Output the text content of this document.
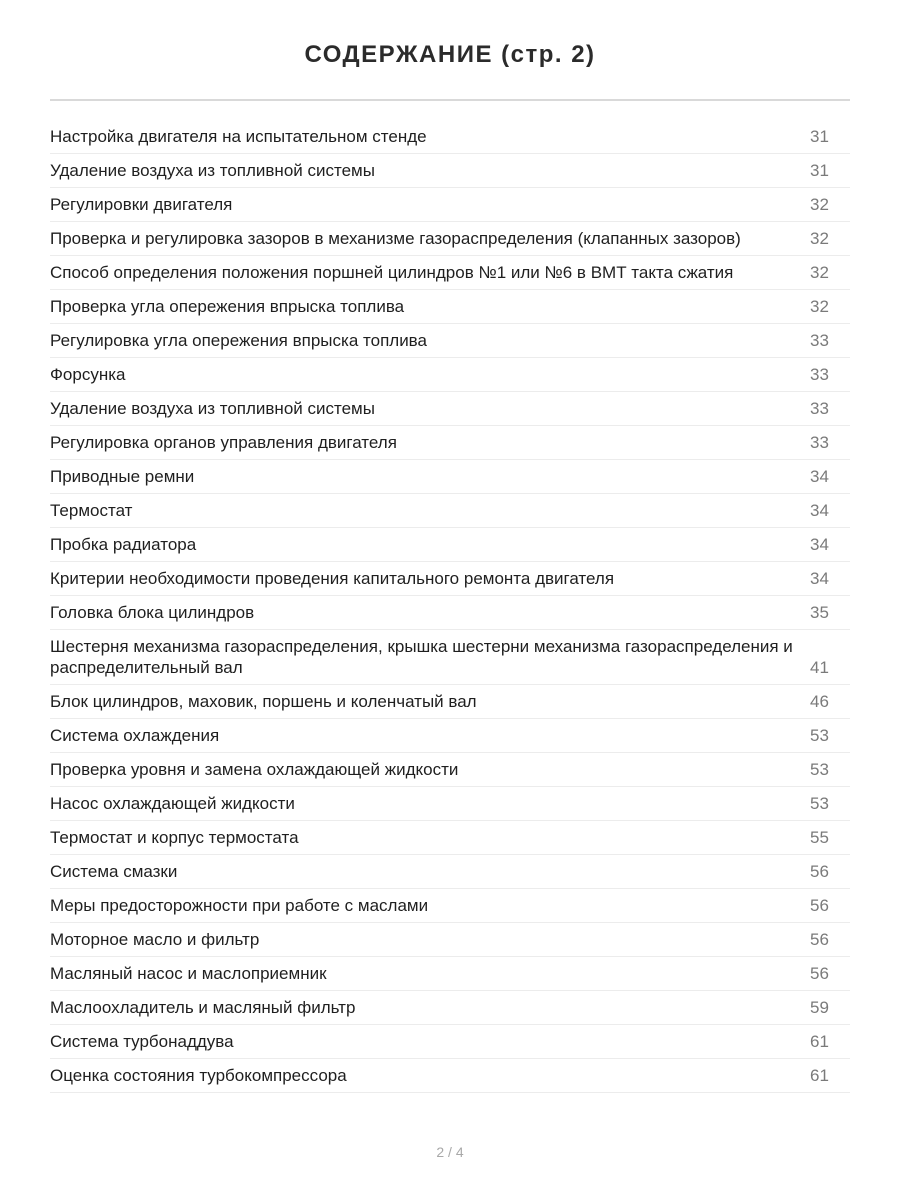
СОДЕРЖАНИЕ (стр. 2)
Настройка двигателя на испытательном стенде	31
Удаление воздуха из топливной системы	31
Регулировки двигателя	32
Проверка и регулировка зазоров в механизме газораспределения (клапанных зазоров)	32
Способ определения положения поршней цилиндров №1 или №6 в ВМТ такта сжатия	32
Проверка угла опережения впрыска топлива	32
Регулировка угла опережения впрыска топлива	33
Форсунка	33
Удаление воздуха из топливной системы	33
Регулировка органов управления двигателя	33
Приводные ремни	34
Термостат	34
Пробка радиатора	34
Критерии необходимости проведения капитального ремонта двигателя	34
Головка блока цилиндров	35
Шестерня механизма газораспределения, крышка шестерни механизма газораспределения и распределительный вал	41
Блок цилиндров, маховик, поршень и коленчатый вал	46
Система охлаждения	53
Проверка уровня и замена охлаждающей жидкости	53
Насос охлаждающей жидкости	53
Термостат и корпус термостата	55
Система смазки	56
Меры предосторожности при работе с маслами	56
Моторное масло и фильтр	56
Масляный насос и маслоприемник	56
Маслоохладитель и масляный фильтр	59
Система турбонаддува	61
Оценка состояния турбокомпрессора	61
2 / 4
